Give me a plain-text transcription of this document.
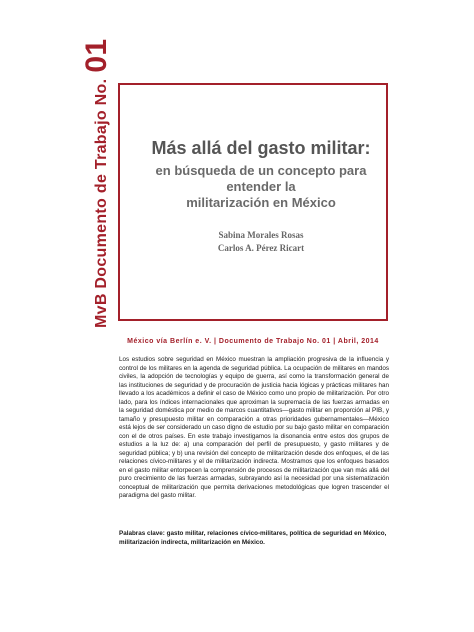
MvB Documento de Trabajo No.
01
Más allá del gasto militar:
en búsqueda de un concepto para entender la
militarización en México
Sabina Morales Rosas
Carlos A. Pérez Ricart
México vía Berlín e. V. | Documento de Trabajo No. 01 | Abril, 2014

Los estudios sobre seguridad en México muestran la ampliación progresiva de la influencia y control de los militares en la agenda de seguridad pública. La ocupación de militares en mandos civiles, la adopción de tecnologías y equipo de guerra, así como la transformación general de las instituciones de seguridad y de procuración de justicia hacia lógicas y prácticas militares han llevado a los académicos a definir el caso de México como uno propio de militarización. Por otro lado, para los índices internacionales que aproximan la supremacía de las fuerzas armadas en la seguridad doméstica por medio de marcos cuantitativos—gasto militar en proporción al PIB, y tamaño y presupuesto militar en comparación a otras prioridades gubernamentales—México está lejos de ser considerado un caso digno de estudio por su bajo gasto militar en comparación con el de otros países. En este trabajo investigamos la disonancia entre estos dos grupos de estudios a la luz de: a) una comparación del perfil de presupuesto, y gasto militares y de seguridad pública; y b) una revisión del concepto de militarización desde dos enfoques, el de las relaciones cívico-militares y el de militarización indirecta. Mostramos que los enfoques basados en el gasto militar entorpecen la comprensión de procesos de militarización que van más allá del puro crecimiento de las fuerzas armadas, subrayando así la necesidad por una sistematización conceptual de militarización que permita derivaciones metodológicas que logren trascender el paradigma del gasto militar.

Palabras clave: gasto militar, relaciones cívico-militares, política de seguridad en México, militarización indirecta, militarización en México.
